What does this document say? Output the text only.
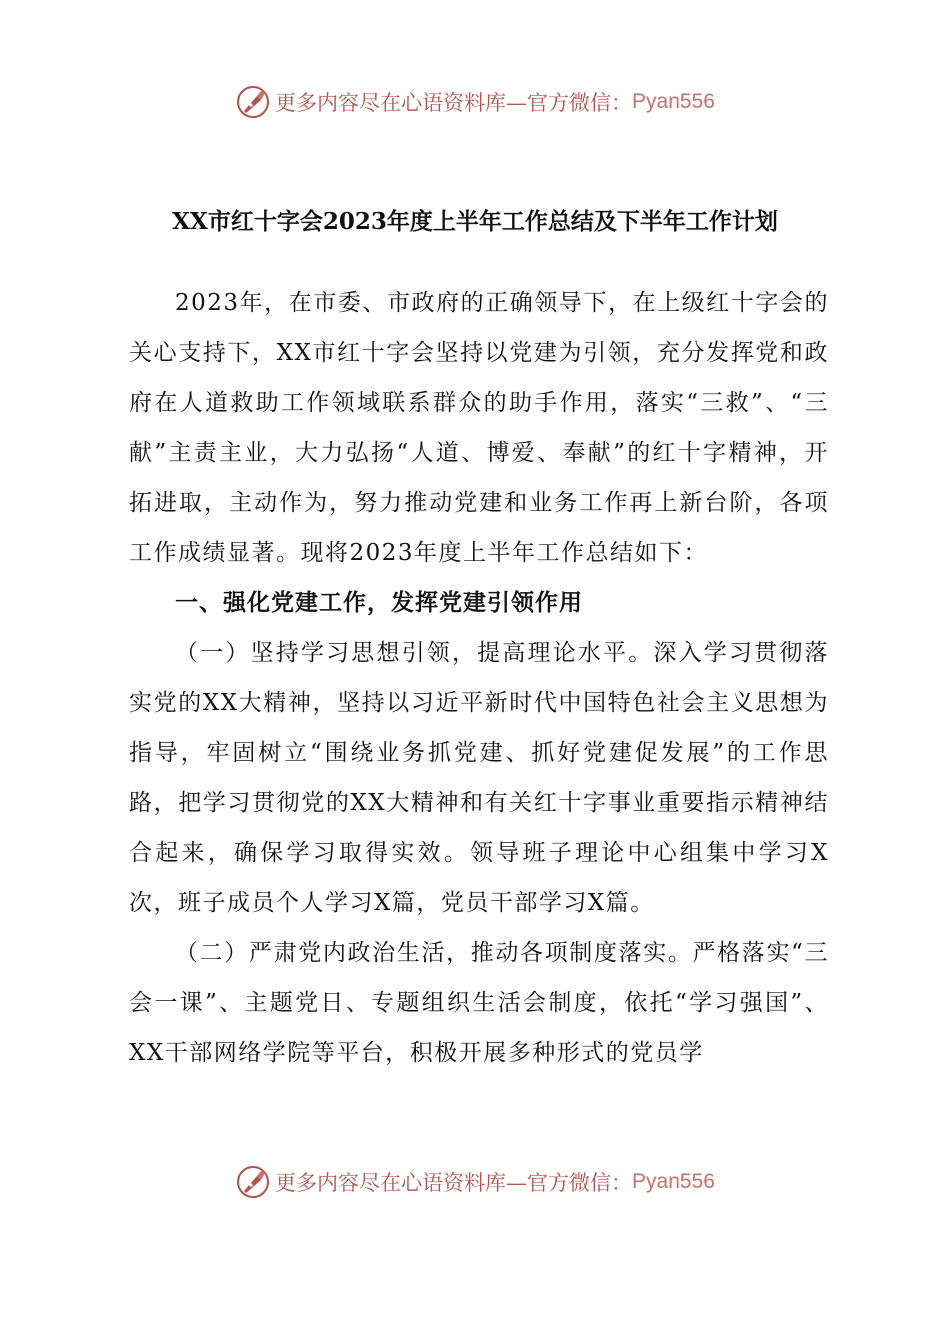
更多内容尽在心语资料库—官方微信： Pyan556
XX市红十字会2023年度上半年工作总结及下半年工作计划

2023年，在市委、市政府的正确领导下，在上级红十字会的关心支持下，XX市红十字会坚持以党建为引领，充分发挥党和政府在人道救助工作领域联系群众的助手作用，落实“三救”、“三献”主责主业，大力弘扬“人道、博爱、奉献”的红十字精神，开拓进取，主动作为，努力推动党建和业务工作再上新台阶，各项工作成绩显著。现将2023年度上半年工作总结如下：

一、强化党建工作，发挥党建引领作用

（一）坚持学习思想引领，提高理论水平。深入学习贯彻落实党的XX大精神，坚持以习近平新时代中国特色社会主义思想为指导，牢固树立“围绕业务抓党建、抓好党建促发展”的工作思路，把学习贯彻党的XX大精神和有关红十字事业重要指示精神结合起来，确保学习取得实效。领导班子理论中心组集中学习X次，班子成员个人学习X篇，党员干部学习X篇。

（二）严肃党内政治生活，推动各项制度落实。严格落实“三会一课”、主题党日、专题组织生活会制度，依托“学习强国”、XX干部网络学院等平台，积极开展多种形式的党员学

更多内容尽在心语资料库—官方微信： Pyan556
